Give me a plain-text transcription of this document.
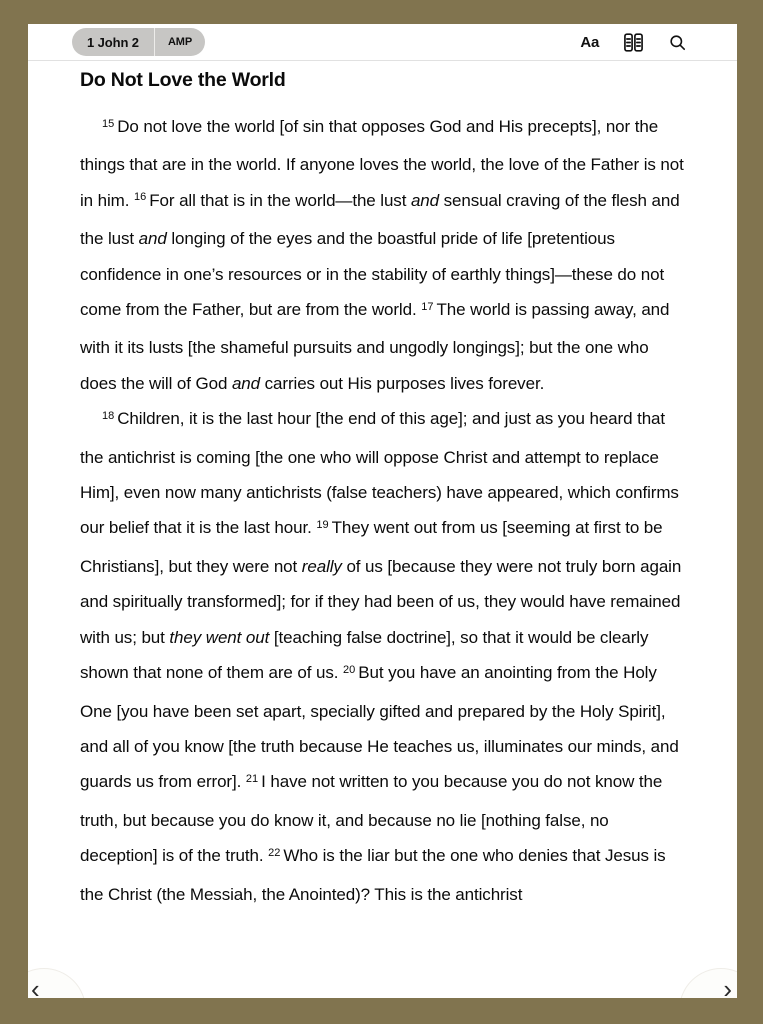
1 John 2	AMP	Aa
Do Not Love the World

$^{15}$ Do not love the world [of sin that opposes God and His precepts], nor the things that are in the world. If anyone loves the world, the love of the Father is not in him. $^{16}$ For all that is in the world—the lust and sensual craving of the flesh and the lust and longing of the eyes and the boastful pride of life [pretentious confidence in one’s resources or in the stability of earthly things]—these do not come from the Father, but are from the world. $^{17}$ The world is passing away, and with it its lusts [the shameful pursuits and ungodly longings]; but the one who does the will of God and carries out His purposes lives forever.

$^{18}$ Children, it is the last hour [the end of this age]; and just as you heard that the antichrist is coming [the one who will oppose Christ and attempt to replace Him], even now many antichrists (false teachers) have appeared, which confirms our belief that it is the last hour. $^{19}$ They went out from us [seeming at first to be Christians], but they were not really of us [because they were not truly born again and spiritually transformed]; for if they had been of us, they would have remained with us; but they went out [teaching false doctrine], so that it would be clearly shown that none of them are of us. $^{20}$ But you have an anointing from the Holy One [you have been set apart, specially gifted and prepared by the Holy Spirit], and all of you know [the truth because He teaches us, illuminates our minds, and guards us from error]. $^{21}$ I have not written to you because you do not know the truth, but because you do know it, and because no lie [nothing false, no deception] is of the truth. $^{22}$ Who is the liar but the one who denies that Jesus is the Christ (the Messiah, the Anointed)? This is the antichrist

‹	›
